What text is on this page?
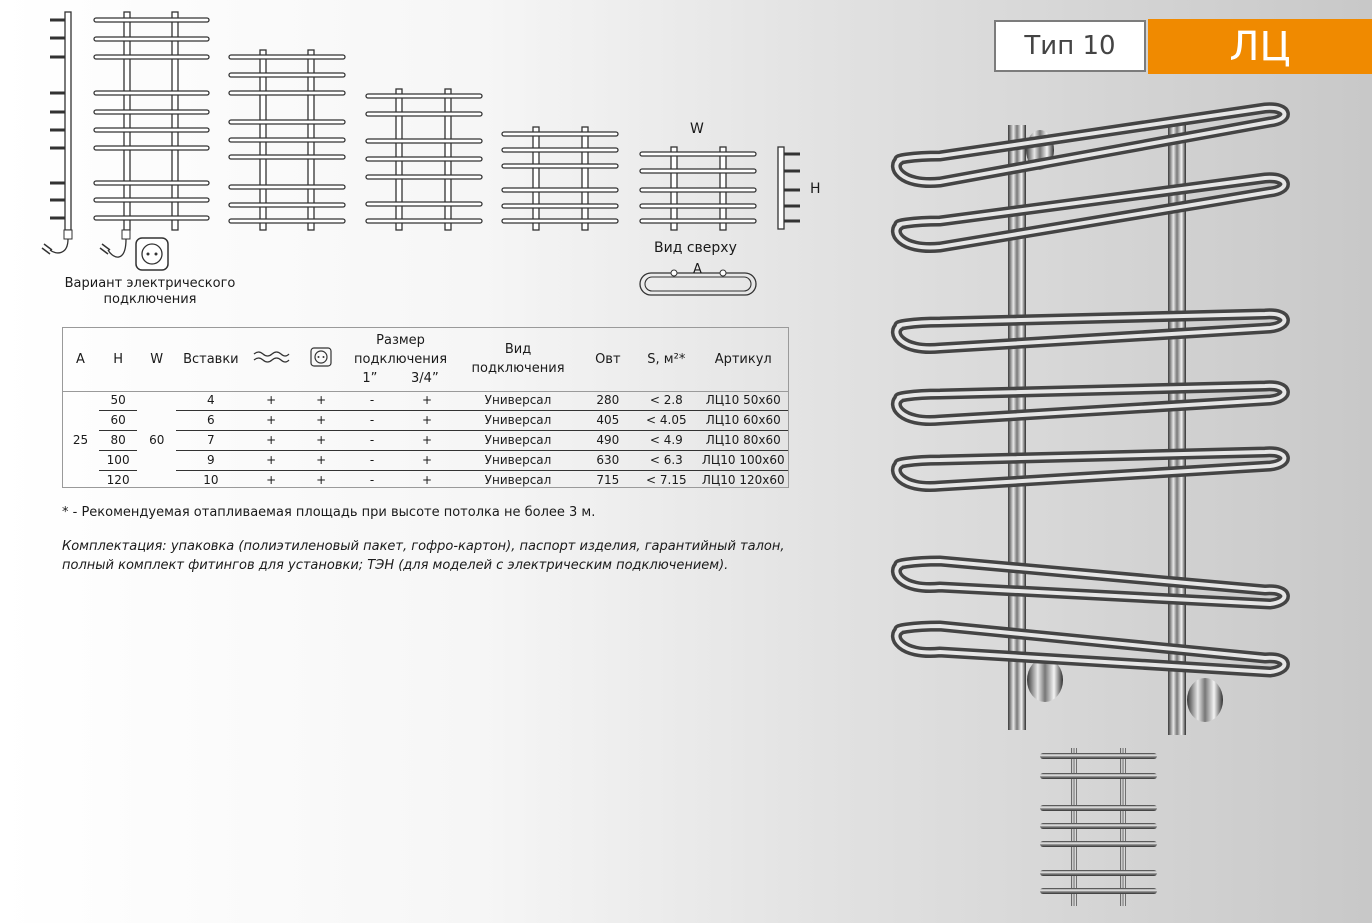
Тип 10	ЛЦ
Вариант электрического подключения
W
H
Вид сверху
A
A	H	W	Вставки			Размер подключения
1” 3/4”		Вид подключения	Овт	S, м²*	Артикул
25	50	60	4	+	+	-	+	Универсал	280	< 2.8	ЛЦ10 50х60
	60		6	+	+	-	+	Универсал	405	< 4.05	ЛЦ10 60х60
	80		7	+	+	-	+	Универсал	490	< 4.9	ЛЦ10 80х60
	100		9	+	+	-	+	Универсал	630	< 6.3	ЛЦ10 100х60
	120		10	+	+	-	+	Универсал	715	< 7.15	ЛЦ10 120х60
* - Рекомендуемая отапливаемая площадь при высоте потолка не более 3 м.
Комплектация: упаковка (полиэтиленовый пакет, гофро-картон), паспорт изделия, гарантийный талон, полный комплект фитингов для установки; ТЭН (для моделей с электрическим подключением).
